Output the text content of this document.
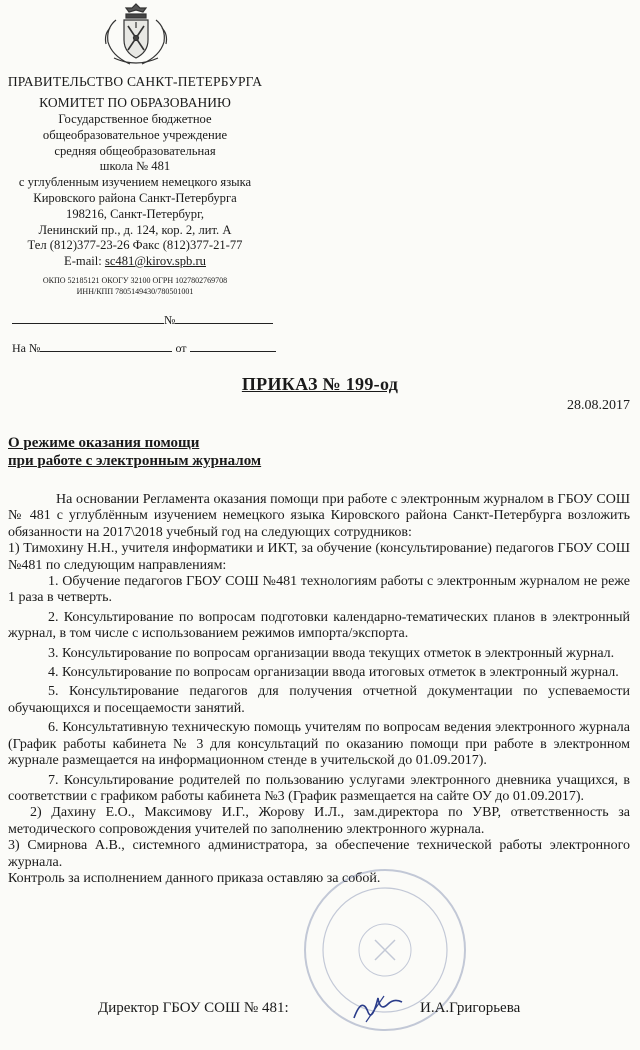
ПРАВИТЕЛЬСТВО САНКТ-ПЕТЕРБУРГА
КОМИТЕТ ПО ОБРАЗОВАНИЮ
Государственное бюджетное
общеобразовательное учреждение
средняя общеобразовательная
школа № 481
с углубленным изучением немецкого языка
Кировского района Санкт-Петербурга
198216, Санкт-Петербург,
Ленинский пр., д. 124, кор. 2, лит. А
Тел (812)377-23-26 Факс (812)377-21-77
E-mail: sc481@kirov.spb.ru
ОКПО 52185121 ОКОГУ 32100 ОГРН 1027802769708
ИНН/КПП 7805149430/780501001
№
На №	от
ПРИКАЗ № 199-од
28.08.2017
О режиме оказания помощи
при работе с электронным журналом

На основании Регламента оказания помощи при работе с электронным журналом в ГБОУ СОШ № 481 с углублённым изучением немецкого языка Кировского района Санкт-Петербурга возложить обязанности на 2017\2018 учебный год на следующих сотрудников:

1) Тимохину Н.Н., учителя информатики и ИКТ, за обучение (консультирование) педагогов ГБОУ СОШ №481 по следующим направлениям:

1. Обучение педагогов ГБОУ СОШ №481 технологиям работы с электронным журналом не реже 1 раза в четверть.

2. Консультирование по вопросам подготовки календарно-тематических планов в электронный журнал, в том числе с использованием режимов импорта/экспорта.

3. Консультирование по вопросам организации ввода текущих отметок в электронный журнал.

4. Консультирование по вопросам организации ввода итоговых отметок в электронный журнал.

5. Консультирование педагогов для получения отчетной документации по успеваемости обучающихся и посещаемости занятий.

6. Консультативную техническую помощь учителям по вопросам ведения электронного журнала (График работы кабинета № 3 для консультаций по оказанию помощи при работе в электронном журнале размещается на информационном стенде в учительской до 01.09.2017).

7. Консультирование родителей по пользованию услугами электронного дневника учащихся, в соответствии с графиком работы кабинета №3 (График размещается на сайте ОУ до 01.09.2017).

2) Дахину Е.О., Максимову И.Г., Жорову И.Л., зам.директора по УВР, ответственность за методического сопровождения учителей по заполнению электронного журнала.

3) Смирнова А.В., системного администратора, за обеспечение технической работы электронного журнала.

Контроль за исполнением данного приказа оставляю за собой.

Директор ГБОУ СОШ № 481:	И.А.Григорьева
